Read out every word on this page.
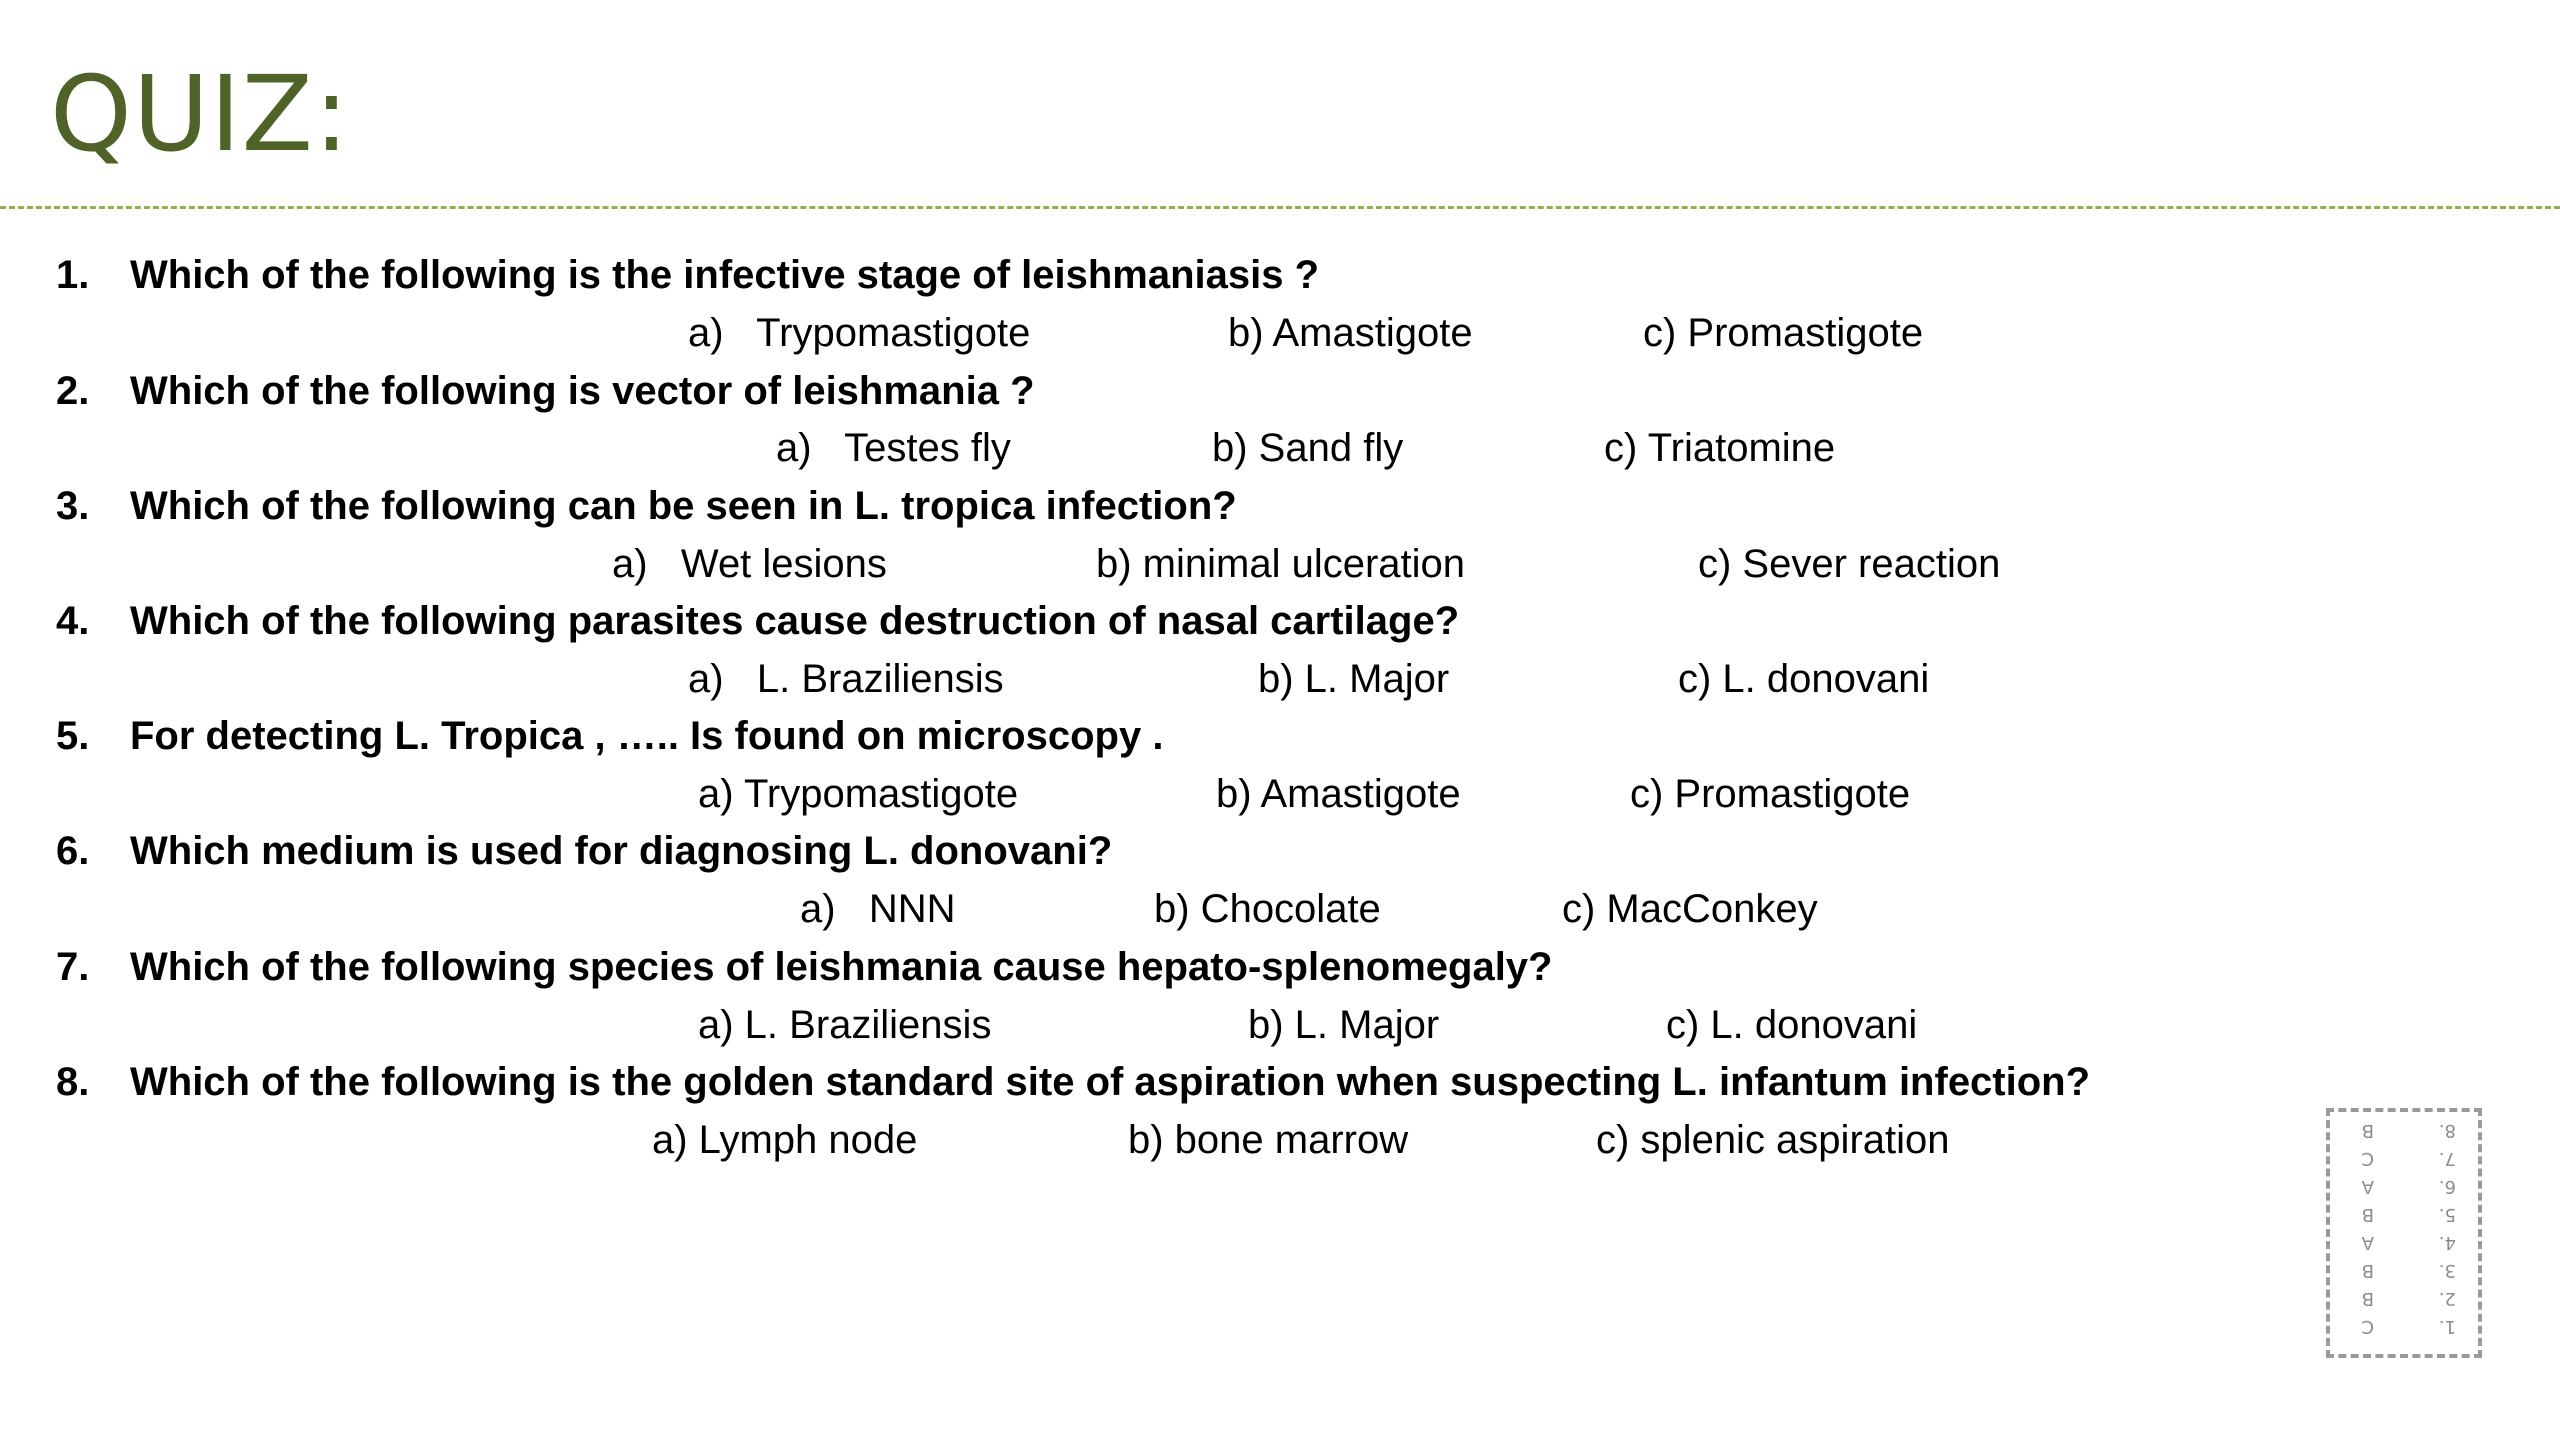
QUIZ:
1.	Which of the following is the infective stage of leishmaniasis ?
a)   Trypomastigote	b) Amastigote	c) Promastigote
2.	Which of the following is vector of leishmania ?
a)   Testes fly	b) Sand fly	c) Triatomine
3.	Which of the following can be seen in L. tropica infection?
a)   Wet lesions	b) minimal ulceration	c) Sever reaction
4.	Which of the following parasites cause destruction of nasal cartilage?
a)   L. Braziliensis	b) L. Major	c) L. donovani
5.	For detecting L. Tropica , ….. Is found on microscopy .
a) Trypomastigote	b) Amastigote	c) Promastigote
6.	Which medium is used for diagnosing L. donovani?
a)   NNN	b) Chocolate	c) MacConkey
7.	Which of the following species of leishmania cause hepato-splenomegaly?
a) L. Braziliensis	b) L. Major	c) L. donovani
8.	Which of the following is the golden standard site of aspiration when suspecting L. infantum infection?
a) Lymph node	b) bone marrow	c) splenic aspiration
1.
C
2.
B
3.
B
4.
A
5.
B
6.
A
7.
C
8.
B
